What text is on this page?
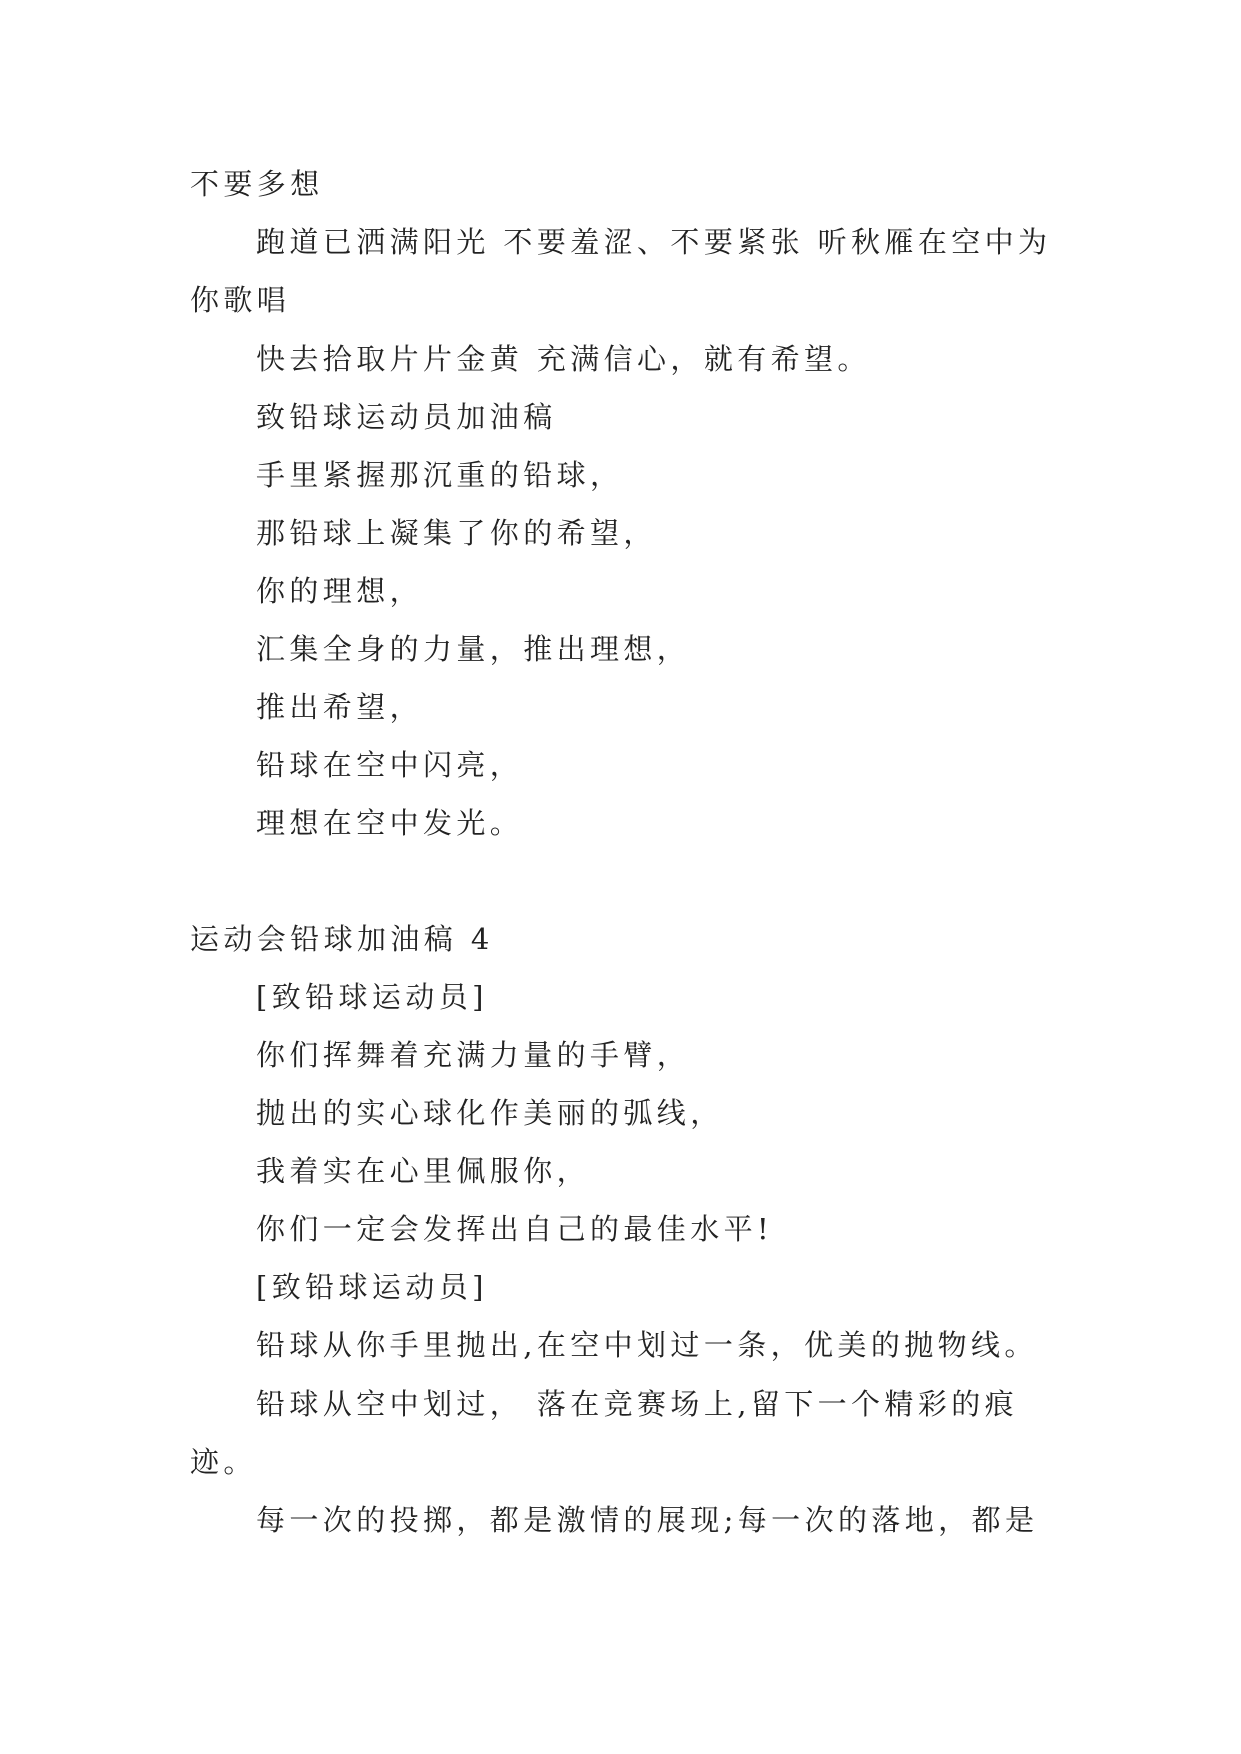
不要多想
跑道已洒满阳光 不要羞涩、不要紧张 听秋雁在空中为
你歌唱
快去拾取片片金黄 充满信心，就有希望。
致铅球运动员加油稿
手里紧握那沉重的铅球，
那铅球上凝集了你的希望，
你的理想，
汇集全身的力量，推出理想，
推出希望，
铅球在空中闪亮，
理想在空中发光。
运动会铅球加油稿 4
[致铅球运动员]
你们挥舞着充满力量的手臂，
抛出的实心球化作美丽的弧线，
我着实在心里佩服你，
你们一定会发挥出自己的最佳水平!
[致铅球运动员]
铅球从你手里抛出,在空中划过一条，优美的抛物线。
铅球从空中划过， 落在竞赛场上,留下一个精彩的痕
迹。
每一次的投掷，都是激情的展现;每一次的落地，都是
